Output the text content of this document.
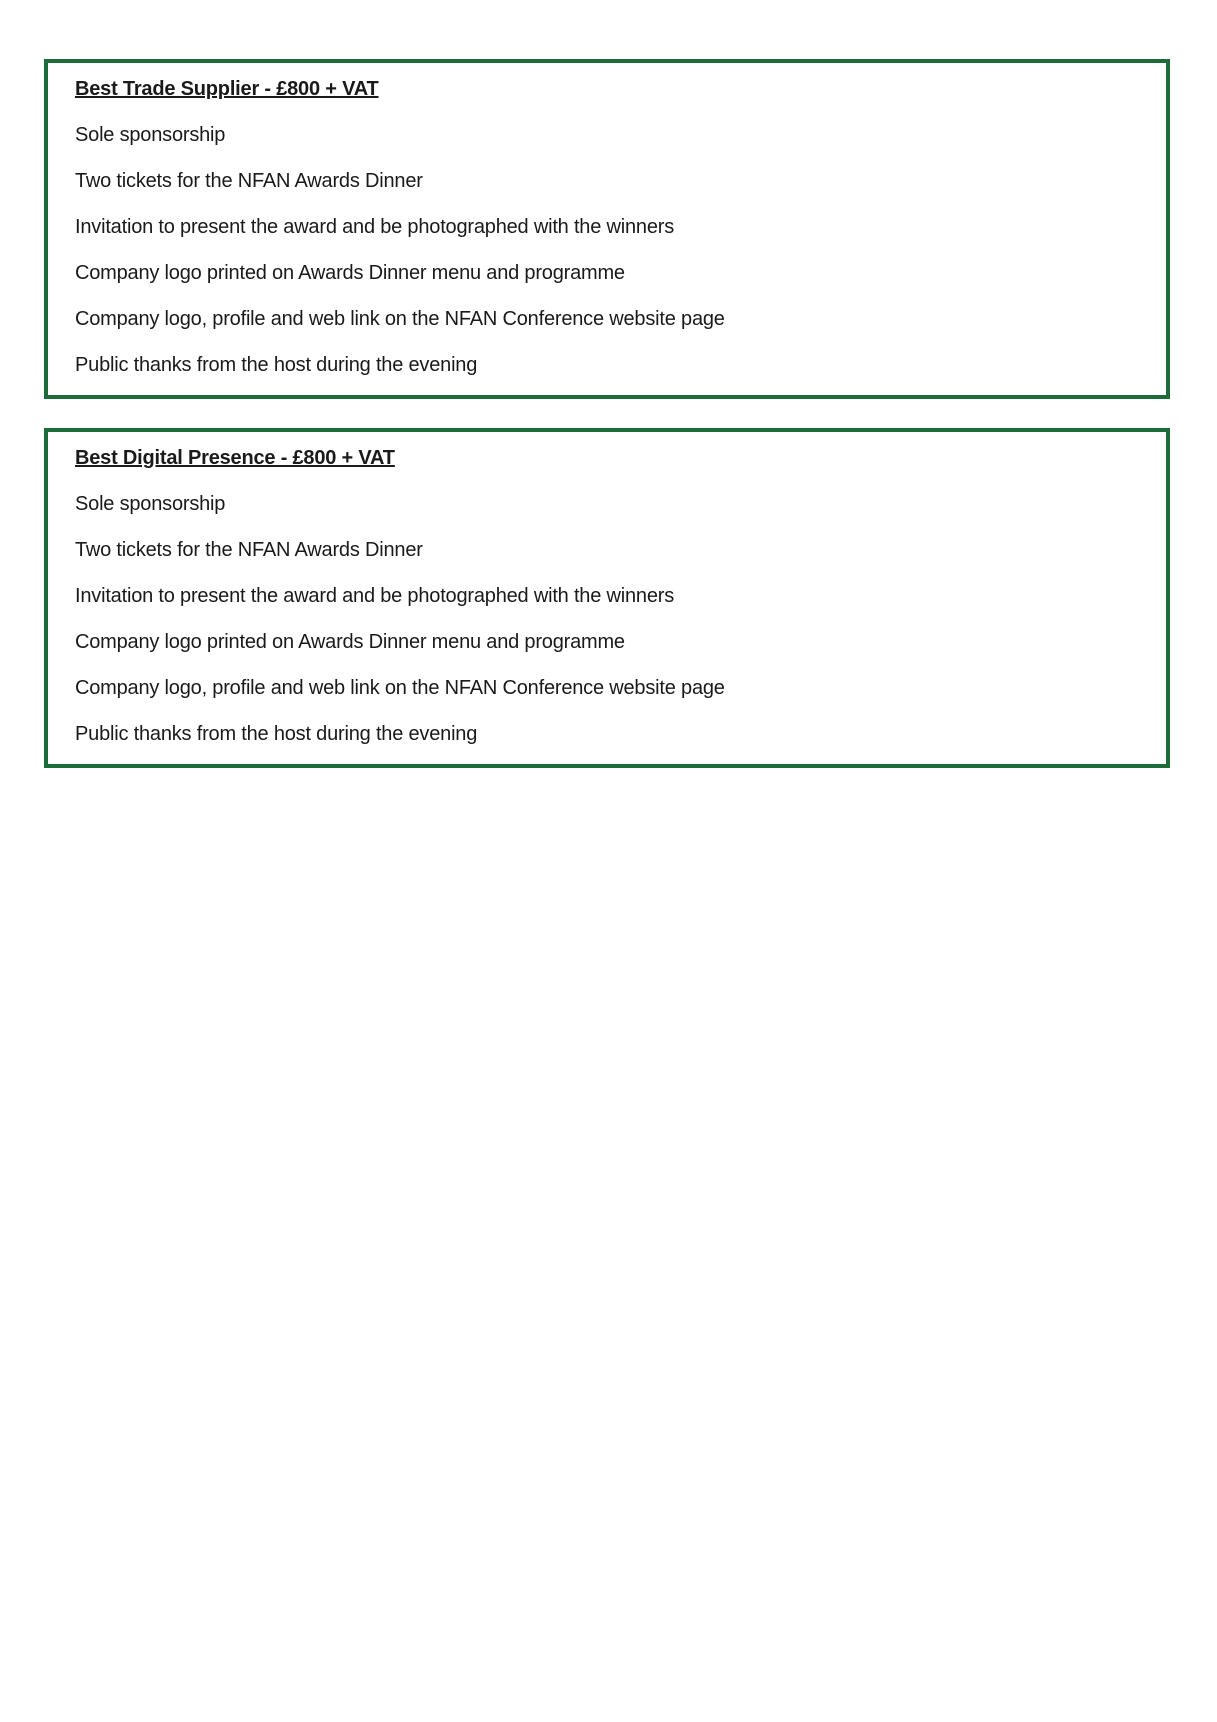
Best Trade Supplier - £800 + VAT

Sole sponsorship
Two tickets for the NFAN Awards Dinner
Invitation to present the award and be photographed with the winners
Company logo printed on Awards Dinner menu and programme
Company logo, profile and web link on the NFAN Conference website page
Public thanks from the host during the evening

Best Digital Presence - £800 + VAT

Sole sponsorship
Two tickets for the NFAN Awards Dinner
Invitation to present the award and be photographed with the winners
Company logo printed on Awards Dinner menu and programme
Company logo, profile and web link on the NFAN Conference website page
Public thanks from the host during the evening
